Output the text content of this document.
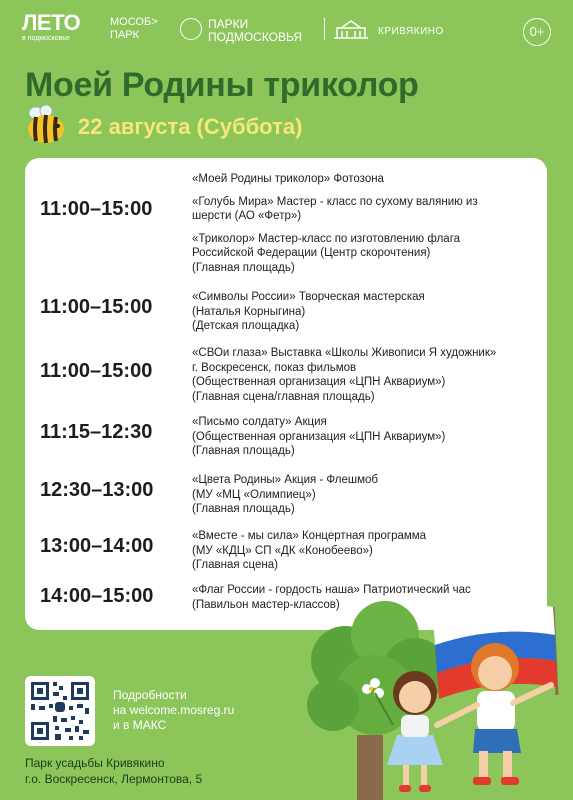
ЛЕТО
в подмосковье
МОСОБ>
ПАРК
ПАРКИ
ПОДМОСКОВЬЯ	КРИВЯКИНО	0+
Моей Родины триколор
22 августа (Суббота)
11:00–15:00
«Моей Родины триколор» Фотозона
«Голубь Мира» Мастер - класс по сухому валянию из
шерсти (АО «Фетр»)
«Триколор» Мастер-класс по изготовлению флага
Российской Федерации (Центр скорочтения)
(Главная площадь)
11:00–15:00	«Символы России» Творческая мастерская
(Наталья Корныгина)
(Детская площадка)
11:00–15:00
«СВОи глаза» Выставка «Школы Живописи Я художник»
г. Воскресенск, показ фильмов
(Общественная организация «ЦПН Аквариум»)
(Главная сцена/главная площадь)
11:15–12:30	«Письмо солдату» Акция
(Общественная организация «ЦПН Аквариум»)
(Главная площадь)
12:30–13:00	«Цвета Родины» Акция - Флешмоб
(МУ «МЦ «Олимпиец»)
(Главная площадь)
13:00–14:00	«Вместе - мы сила» Концертная программа
(МУ «КДЦ» СП «ДК «Конобеево»)
(Главная сцена)
14:00–15:00	«Флаг России - гордость наша» Патриотический час
(Павильон мастер-классов)
Подробности
на welcome.mosreg.ru
и в МАКС
Парк усадьбы Кривякино
г.о. Воскресенск, Лермонтова, 5
